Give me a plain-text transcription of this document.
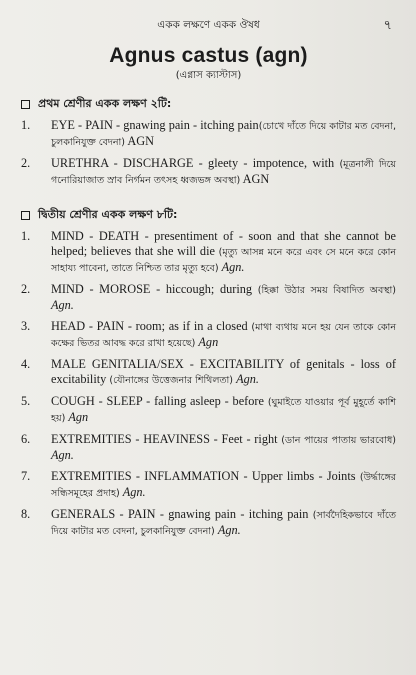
একক লক্ষণে একক ঔষধ	৭
Agnus castus (agn)
(এগ্নাস ক্যাস্টাস)
প্রথম শ্রেণীর একক লক্ষণ ২টি:
1.	EYE - PAIN - gnawing pain - itching pain(চোখে দাঁতে দিয়ে কাটার মত বেদনা, চুলকানিযুক্ত বেদনা) AGN
2.	URETHRA - DISCHARGE - gleety - impotence, with (মূত্রনালী দিয়ে গনোরিয়াজাত স্রাব নির্গমন তৎসহ ধ্বজভঙ্গ অবস্থা) AGN
দ্বিতীয় শ্রেণীর একক লক্ষণ ৮টি:
1.	MIND - DEATH - presentiment of - soon and that she cannot be helped; believes that she will die (মৃত্যু আসন্ন মনে করে এবং সে মনে করে কোন সাহায্য পাবেনা, তাতে নিশ্চিত তার মৃত্যু হবে) Agn.
2.	MIND - MOROSE - hiccough; during (হিক্কা উঠার সময় বিষাদিত অবস্থা) Agn.
3.	HEAD - PAIN - room; as if in a closed (মাথা ব্যথায় মনে হয় যেন তাকে কোন কক্ষের ভিতর আবদ্ধ করে রাখা হয়েছে) Agn
4.	MALE GENITALIA/SEX - EXCITABILITY of genitals - loss of excitability (যৌনাঙ্গের উত্তেজনার শিথিলতা) Agn.
5.	COUGH - SLEEP - falling asleep - before (ঘুমাইতে যাওয়ার পূর্ব মুহূর্তে কাশি হয়) Agn
6.	EXTREMITIES - HEAVINESS - Feet - right (ডান পায়ের পাতায় ভারবোধ) Agn.
7.	EXTREMITIES - INFLAMMATION - Upper limbs - Joints (উর্দ্ধাঙ্গের সন্ধিসমূহের প্রদাহ) Agn.
8.	GENERALS - PAIN - gnawing pain - itching pain (সার্বদৈহিকভাবে দাঁতে দিয়ে কাটার মত বেদনা, চুলকানিযুক্ত বেদনা) Agn.
